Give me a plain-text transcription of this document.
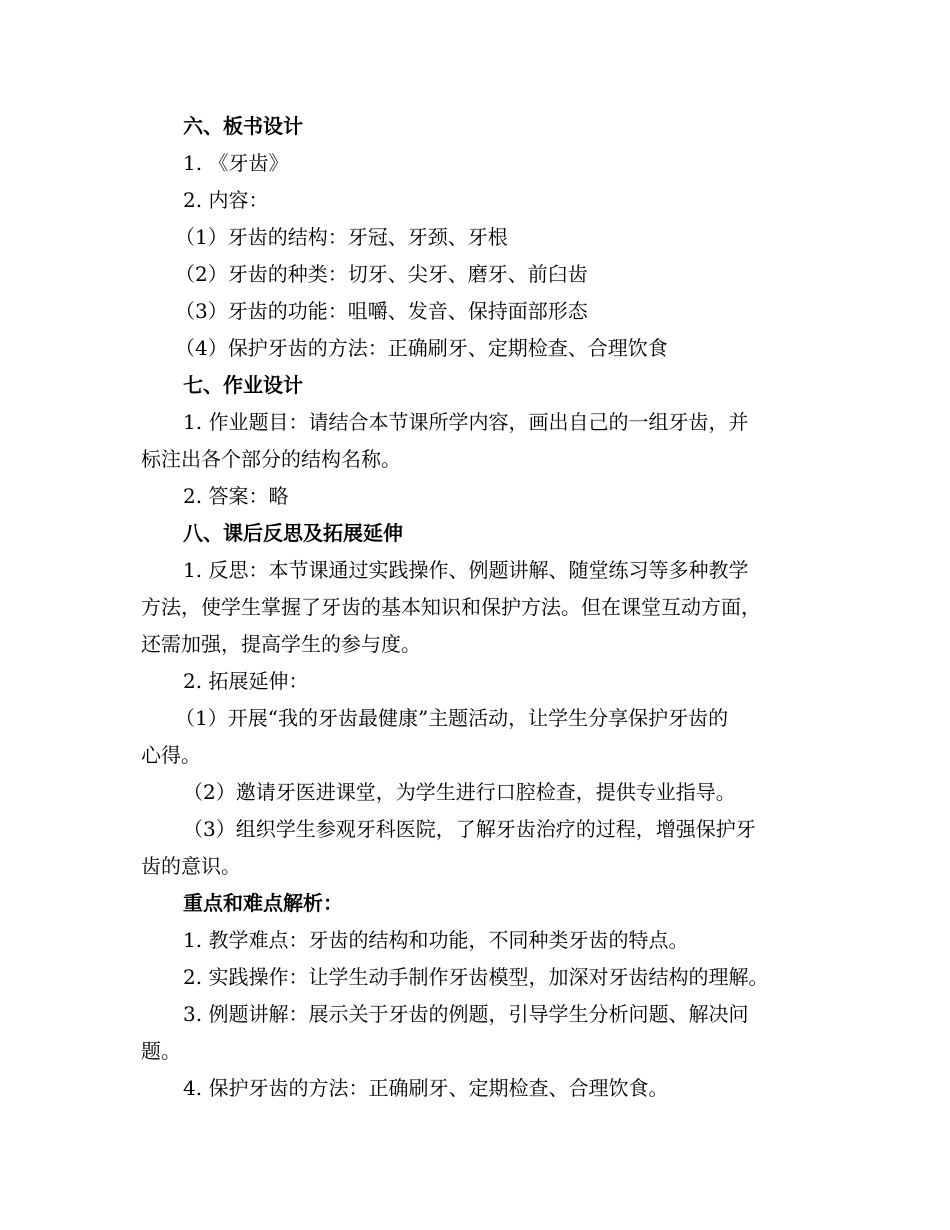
六、板书设计
1. 《牙齿》
2. 内容：
（1）牙齿的结构：牙冠、牙颈、牙根
（2）牙齿的种类：切牙、尖牙、磨牙、前臼齿
（3）牙齿的功能：咀嚼、发音、保持面部形态
（4）保护牙齿的方法：正确刷牙、定期检查、合理饮食
七、作业设计
1. 作业题目：请结合本节课所学内容，画出自己的一组牙齿，并
标注出各个部分的结构名称。
2. 答案：略
八、课后反思及拓展延伸
1. 反思：本节课通过实践操作、例题讲解、随堂练习等多种教学
方法，使学生掌握了牙齿的基本知识和保护方法。但在课堂互动方面，
还需加强，提高学生的参与度。
2. 拓展延伸：
（1）开展“我的牙齿最健康”主题活动，让学生分享保护牙齿的
心得。
（2）邀请牙医进课堂，为学生进行口腔检查，提供专业指导。
（3）组织学生参观牙科医院，了解牙齿治疗的过程，增强保护牙
齿的意识。
重点和难点解析：
1. 教学难点：牙齿的结构和功能，不同种类牙齿的特点。
2. 实践操作：让学生动手制作牙齿模型，加深对牙齿结构的理解。
3. 例题讲解：展示关于牙齿的例题，引导学生分析问题、解决问
题。
4. 保护牙齿的方法：正确刷牙、定期检查、合理饮食。
